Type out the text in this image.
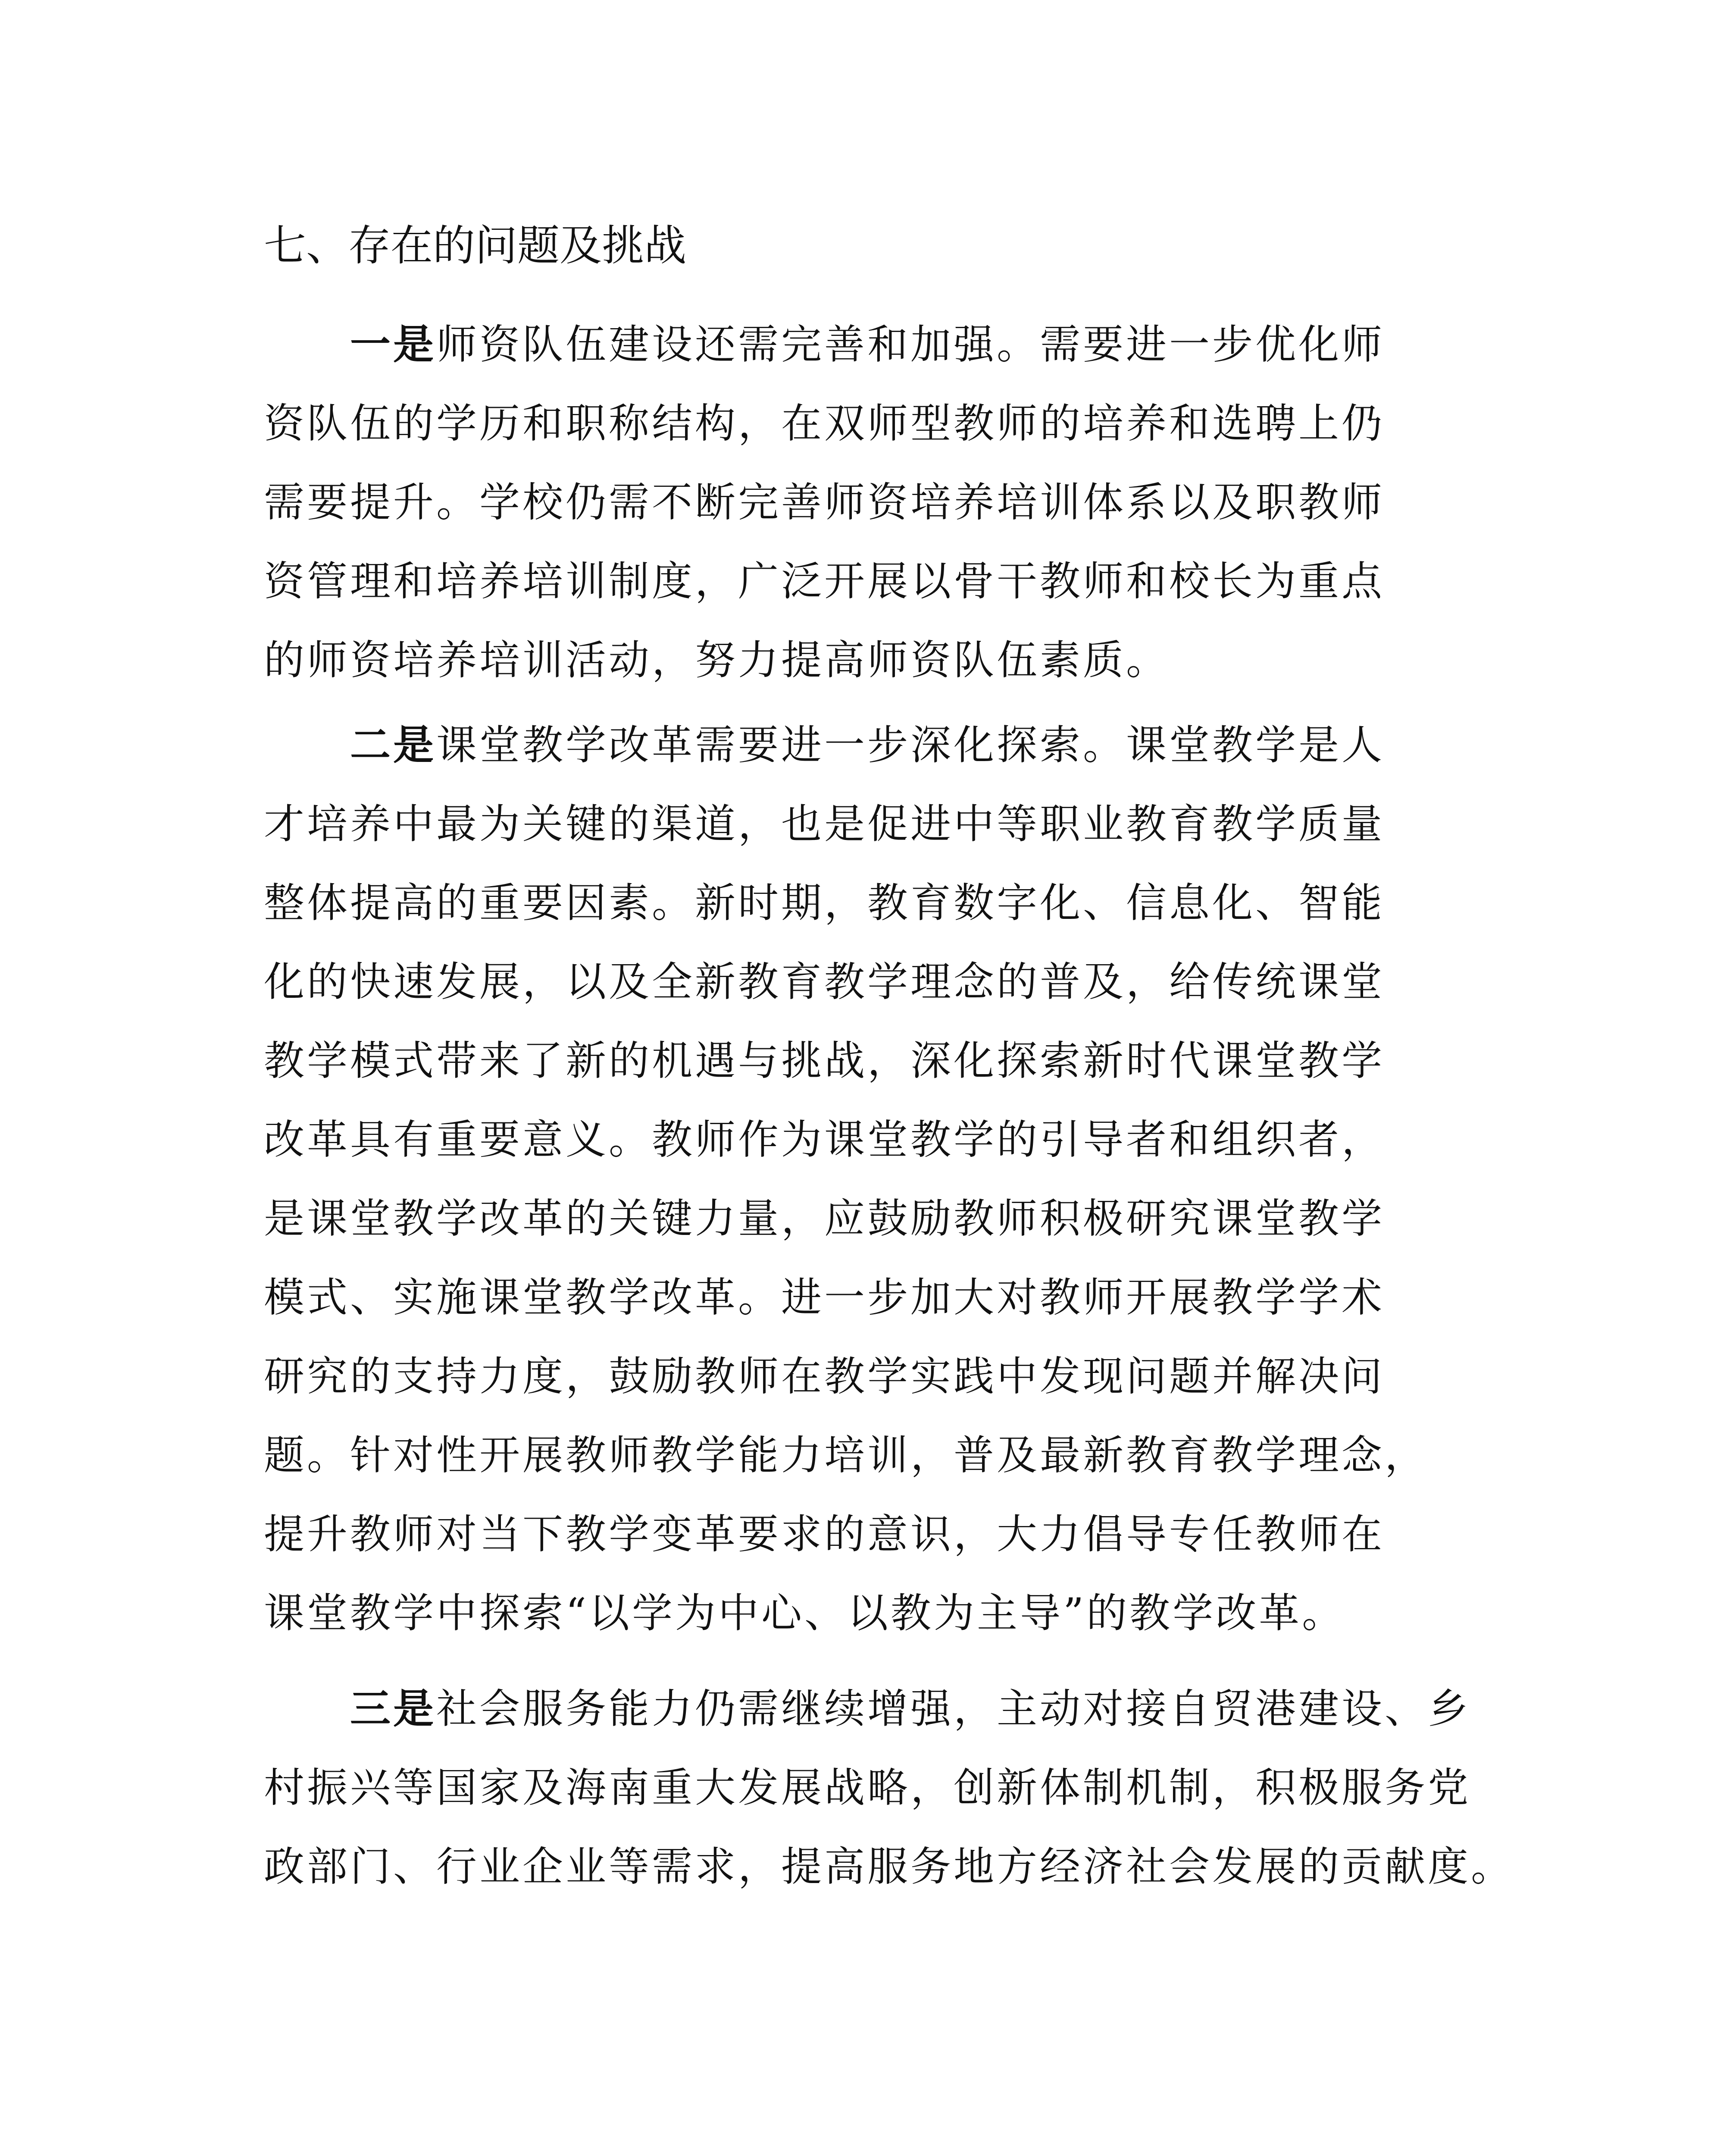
七、存在的问题及挑战

一是师资队伍建设还需完善和加强。需要进一步优化师
资队伍的学历和职称结构，在双师型教师的培养和选聘上仍
需要提升。学校仍需不断完善师资培养培训体系以及职教师
资管理和培养培训制度，广泛开展以骨干教师和校长为重点
的师资培养培训活动，努力提高师资队伍素质。

二是课堂教学改革需要进一步深化探索。课堂教学是人
才培养中最为关键的渠道，也是促进中等职业教育教学质量
整体提高的重要因素。新时期，教育数字化、信息化、智能
化的快速发展，以及全新教育教学理念的普及，给传统课堂
教学模式带来了新的机遇与挑战，深化探索新时代课堂教学
改革具有重要意义。教师作为课堂教学的引导者和组织者，
是课堂教学改革的关键力量，应鼓励教师积极研究课堂教学
模式、实施课堂教学改革。进一步加大对教师开展教学学术
研究的支持力度，鼓励教师在教学实践中发现问题并解决问
题。针对性开展教师教学能力培训，普及最新教育教学理念，
提升教师对当下教学变革要求的意识，大力倡导专任教师在
课堂教学中探索“以学为中心、以教为主导”的教学改革。

三是社会服务能力仍需继续增强，主动对接自贸港建设、乡
村振兴等国家及海南重大发展战略，创新体制机制，积极服务党
政部门、行业企业等需求，提高服务地方经济社会发展的贡献度。
